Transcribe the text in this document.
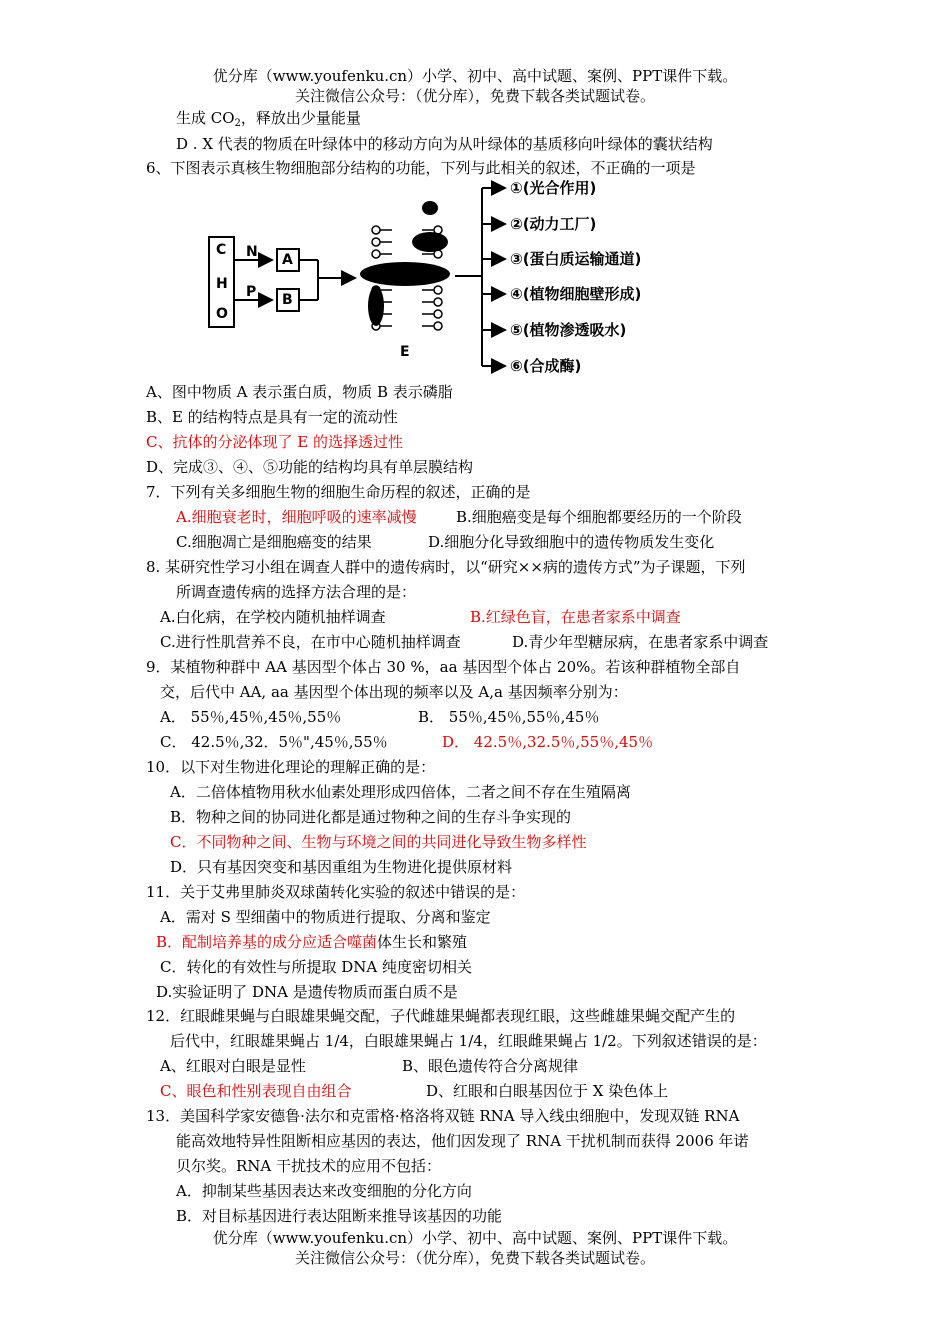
优分库（www.youfenku.cn）小学、初中、高中试题、案例、PPT课件下载。
关注微信公众号：（优分库），免费下载各类试题试卷。
生成 $CO_2$，释放出少量能量
D . X 代表的物质在叶绿体中的移动方向为从叶绿体的基质移向叶绿体的囊状结构
6、下图表示真核生物细胞部分结构的功能，下列与此相关的叙述，不正确的一项是
C
H
O
N
P
A
B
E
①(光合作用)
②(动力工厂)
③(蛋白质运输通道)
④(植物细胞壁形成)
⑤(植物渗透吸水)
⑥(合成酶)
A、图中物质 A 表示蛋白质，物质 B 表示磷脂
B、E 的结构特点是具有一定的流动性
C、抗体的分泌体现了 E 的选择透过性
D、完成③、④、⑤功能的结构均具有单层膜结构
7．下列有关多细胞生物的细胞生命历程的叙述，正确的是
A.细胞衰老时，细胞呼吸的速率减慢	B.细胞癌变是每个细胞都要经历的一个阶段
C.细胞凋亡是细胞癌变的结果	D.细胞分化导致细胞中的遗传物质发生变化
8. 某研究性学习小组在调查人群中的遗传病时，以“研究××病的遗传方式”为子课题，下列
所调查遗传病的选择方法合理的是：
A.白化病，在学校内随机抽样调查	B.红绿色盲，在患者家系中调查
C.进行性肌营养不良，在市中心随机抽样调查	D.青少年型糖尿病，在患者家系中调查
9．某植物种群中 AA 基因型个体占 30 %，aa 基因型个体占 20%。若该种群植物全部自
交，后代中 AA, aa 基因型个体出现的频率以及 A,a 基因频率分别为：
A． 55％,45％,45％,55％	B． 55％,45％,55％,45％
C． 42.5％,32．5％",45％,55％	D． 42.5％,32.5％,55％,45％
10．以下对生物进化理论的理解正确的是：
A．二倍体植物用秋水仙素处理形成四倍体，二者之间不存在生殖隔离
B．物种之间的协同进化都是通过物种之间的生存斗争实现的
C．不同物种之间、生物与环境之间的共同进化导致生物多样性
D．只有基因突变和基因重组为生物进化提供原材料
11．关于艾弗里肺炎双球菌转化实验的叙述中错误的是：
A．需对 S 型细菌中的物质进行提取、分离和鉴定
B．配制培养基的成分应适合噬菌体生长和繁殖
C．转化的有效性与所提取 DNA 纯度密切相关
D.实验证明了 DNA 是遗传物质而蛋白质不是
12．红眼雌果蝇与白眼雄果蝇交配，子代雌雄果蝇都表现红眼，这些雌雄果蝇交配产生的
后代中，红眼雄果蝇占 1/4，白眼雄果蝇占 1/4，红眼雌果蝇占 1/2。下列叙述错误的是：
A、红眼对白眼是显性	B、眼色遗传符合分离规律
C、眼色和性别表现自由组合	D、红眼和白眼基因位于 X 染色体上
13．美国科学家安德鲁·法尔和克雷格·格洛将双链 RNA 导入线虫细胞中，发现双链 RNA
能高效地特异性阻断相应基因的表达，他们因发现了 RNA 干扰机制而获得 2006 年诺
贝尔奖。RNA 干扰技术的应用不包括：
A．抑制某些基因表达来改变细胞的分化方向
B．对目标基因进行表达阻断来推导该基因的功能
优分库（www.youfenku.cn）小学、初中、高中试题、案例、PPT课件下载。
关注微信公众号：（优分库），免费下载各类试题试卷。
